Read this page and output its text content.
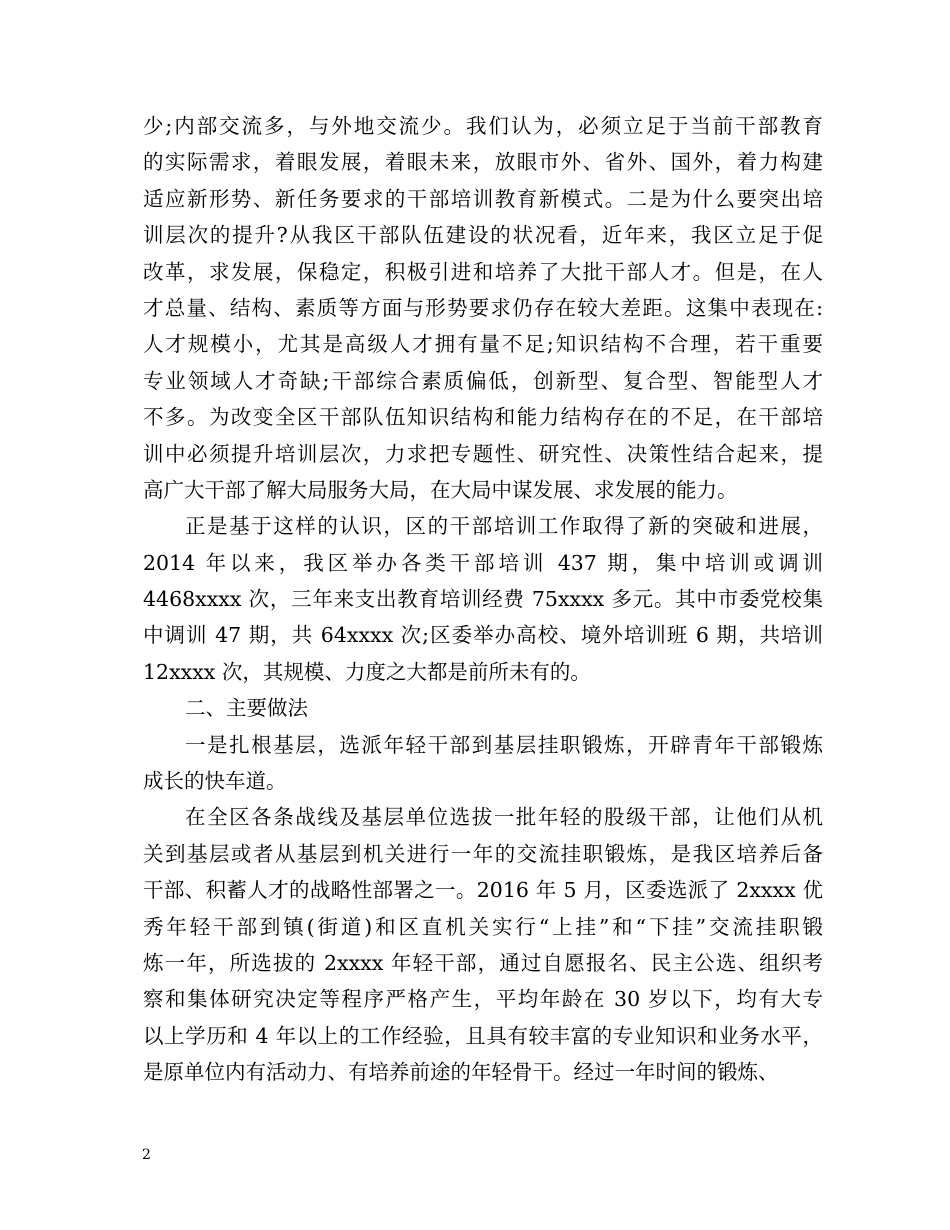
少;内部交流多，与外地交流少。我们认为，必须立足于当前干部教育
的实际需求，着眼发展，着眼未来，放眼市外、省外、国外，着力构建
适应新形势、新任务要求的干部培训教育新模式。二是为什么要突出培
训层次的提升?从我区干部队伍建设的状况看，近年来，我区立足于促
改革，求发展，保稳定，积极引进和培养了大批干部人才。但是，在人
才总量、结构、素质等方面与形势要求仍存在较大差距。这集中表现在:
人才规模小，尤其是高级人才拥有量不足;知识结构不合理，若干重要
专业领域人才奇缺;干部综合素质偏低，创新型、复合型、智能型人才
不多。为改变全区干部队伍知识结构和能力结构存在的不足，在干部培
训中必须提升培训层次，力求把专题性、研究性、决策性结合起来，提
高广大干部了解大局服务大局，在大局中谋发展、求发展的能力。
正是基于这样的认识，区的干部培训工作取得了新的突破和进展，
2014 年以来，我区举办各类干部培训 437 期，集中培训或调训
4468xxxx 次，三年来支出教育培训经费 75xxxx 多元。其中市委党校集
中调训 47 期，共 64xxxx 次;区委举办高校、境外培训班 6 期，共培训
12xxxx 次，其规模、力度之大都是前所未有的。
二、主要做法
一是扎根基层，选派年轻干部到基层挂职锻炼，开辟青年干部锻炼
成长的快车道。
在全区各条战线及基层单位选拔一批年轻的股级干部，让他们从机
关到基层或者从基层到机关进行一年的交流挂职锻炼，是我区培养后备
干部、积蓄人才的战略性部署之一。2016 年 5 月，区委选派了 2xxxx 优
秀年轻干部到镇(街道)和区直机关实行“上挂”和“下挂”交流挂职锻
炼一年，所选拔的 2xxxx 年轻干部，通过自愿报名、民主公选、组织考
察和集体研究决定等程序严格产生，平均年龄在 30 岁以下，均有大专
以上学历和 4 年以上的工作经验，且具有较丰富的专业知识和业务水平，
是原单位内有活动力、有培养前途的年轻骨干。经过一年时间的锻炼、
2
